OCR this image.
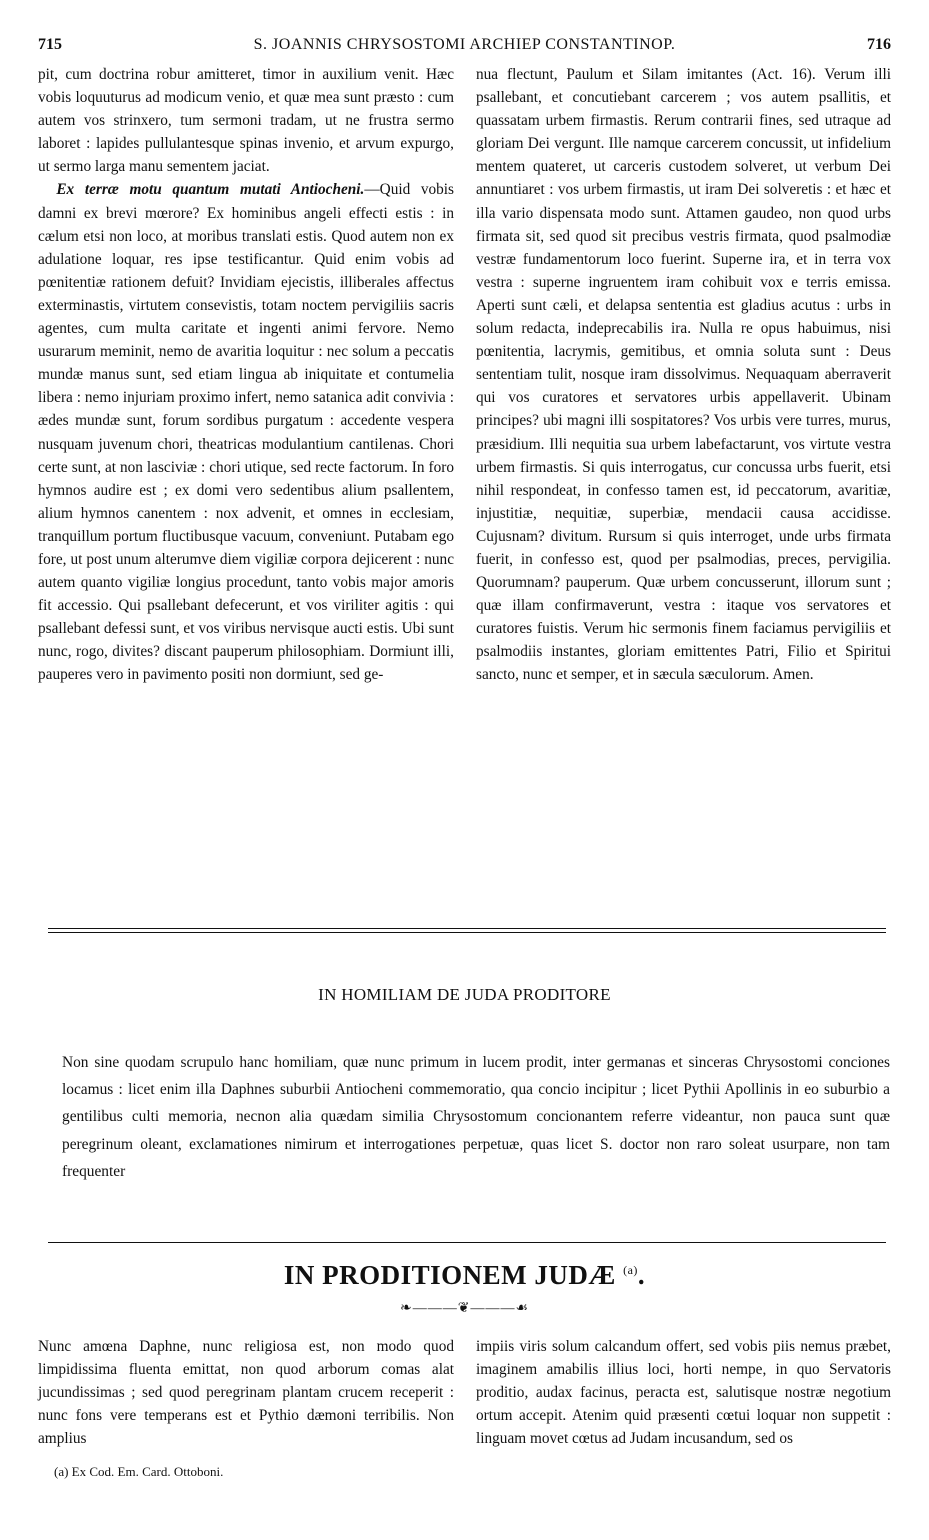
715	S. JOANNIS CHRYSOSTOMI ARCHIEP CONSTANTINOP.	716

pit, cum doctrina robur amitteret, timor in auxilium venit. Hæc vobis loquuturus ad modicum venio, et quæ mea sunt præsto : cum autem vos strinxero, tum sermoni tradam, ut ne frustra sermo laboret : lapides pullulantesque spinas invenio, et arvum expurgo, ut sermo larga manu sementem jaciat.

Ex terræ motu quantum mutati Antiocheni.—Quid vobis damni ex brevi mœrore? Ex hominibus angeli effecti estis : in cælum etsi non loco, at moribus translati estis. Quod autem non ex adulatione loquar, res ipse testificantur. Quid enim vobis ad pœnitentiæ rationem defuit? Invidiam ejecistis, illiberales affectus exterminastis, virtutem consevistis, totam noctem pervigiliis sacris agentes, cum multa caritate et ingenti animi fervore. Nemo usurarum meminit, nemo de avaritia loquitur : nec solum a peccatis mundæ manus sunt, sed etiam lingua ab iniquitate et contumelia libera : nemo injuriam proximo infert, nemo satanica adit convivia : ædes mundæ sunt, forum sordibus purgatum : accedente vespera nusquam juvenum chori, theatricas modulantium cantilenas. Chori certe sunt, at non lasciviæ : chori utique, sed recte factorum. In foro hymnos audire est ; ex domi vero sedentibus alium psallentem, alium hymnos canentem : nox advenit, et omnes in ecclesiam, tranquillum portum fluctibusque vacuum, conveniunt. Putabam ego fore, ut post unum alterumve diem vigiliæ corpora dejicerent : nunc autem quanto vigiliæ longius procedunt, tanto vobis major amoris fit accessio. Qui psallebant defecerunt, et vos viriliter agitis : qui psallebant defessi sunt, et vos viribus nervisque aucti estis. Ubi sunt nunc, rogo, divites? discant pauperum philosophiam. Dormiunt illi, pauperes vero in pavimento positi non dormiunt, sed ge-

nua flectunt, Paulum et Silam imitantes (Act. 16). Verum illi psallebant, et concutiebant carcerem ; vos autem psallitis, et quassatam urbem firmastis. Rerum contrarii fines, sed utraque ad gloriam Dei vergunt. Ille namque carcerem concussit, ut infidelium mentem quateret, ut carceris custodem solveret, ut verbum Dei annuntiaret : vos urbem firmastis, ut iram Dei solveretis : et hæc et illa vario dispensata modo sunt. Attamen gaudeo, non quod urbs firmata sit, sed quod sit precibus vestris firmata, quod psalmodiæ vestræ fundamentorum loco fuerint. Superne ira, et in terra vox vestra : superne ingruentem iram cohibuit vox e terris emissa. Aperti sunt cæli, et delapsa sententia est gladius acutus : urbs in solum redacta, indeprecabilis ira. Nulla re opus habuimus, nisi pœnitentia, lacrymis, gemitibus, et omnia soluta sunt : Deus sententiam tulit, nosque iram dissolvimus. Nequaquam aberraverit qui vos curatores et servatores urbis appellaverit. Ubinam principes? ubi magni illi sospitatores? Vos urbis vere turres, murus, præsidium. Illi nequitia sua urbem labefactarunt, vos virtute vestra urbem firmastis. Si quis interrogatus, cur concussa urbs fuerit, etsi nihil respondeat, in confesso tamen est, id peccatorum, avaritiæ, injustitiæ, nequitiæ, superbiæ, mendacii causa accidisse. Cujusnam? divitum. Rursum si quis interroget, unde urbs firmata fuerit, in confesso est, quod per psalmodias, preces, pervigilia. Quorumnam? pauperum. Quæ urbem concusserunt, illorum sunt ; quæ illam confirmaverunt, vestra : itaque vos servatores et curatores fuistis. Verum hic sermonis finem faciamus pervigiliis et psalmodiis instantes, gloriam emittentes Patri, Filio et Spiritui sancto, nunc et semper, et in sæcula sæculorum. Amen.

IN HOMILIAM DE JUDA PRODITORE

Non sine quodam scrupulo hanc homiliam, quæ nunc primum in lucem prodit, inter germanas et sinceras Chrysostomi conciones locamus : licet enim illa Daphnes suburbii Antiocheni commemoratio, qua concio incipitur ; licet Pythii Apollinis in eo suburbio a gentilibus culti memoria, necnon alia quædam similia Chrysostomum concionantem referre videantur, non pauca sunt quæ peregrinum oleant, exclamationes nimirum et interrogationes perpetuæ, quas licet S. doctor non raro soleat usurpare, non tam frequenter

IN PRODITIONEM JUDÆ $^{(a)}$.
❧———❦———☙

Nunc amœna Daphne, nunc religiosa est, non modo quod limpidissima fluenta emittat, non quod arborum comas alat jucundissimas ; sed quod peregrinam plantam crucem receperit : nunc fons vere temperans est et Pythio dæmoni terribilis. Non amplius

impiis viris solum calcandum offert, sed vobis piis nemus præbet, imaginem amabilis illius loci, horti nempe, in quo Servatoris proditio, audax facinus, peracta est, salutisque nostræ negotium ortum accepit. Atenim quid præsenti cœtui loquar non suppetit : linguam movet cœtus ad Judam incusandum, sed os

(a) Ex Cod. Em. Card. Ottoboni.
